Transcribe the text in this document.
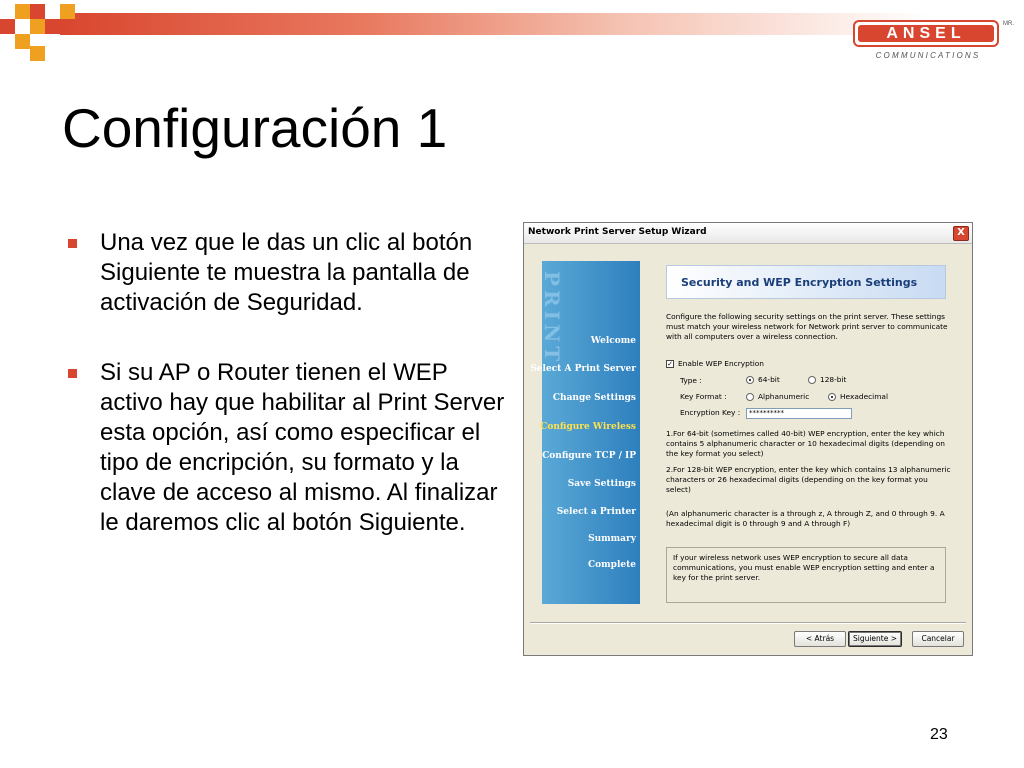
ANSEL
MR.
COMMUNICATIONS
Configuración 1
Una vez que le das un clic al botón Siguiente te muestra la pantalla de activación de Seguridad.
Si su AP o Router tienen el WEP activo hay que habilitar al Print Server esta opción, así como especificar el tipo de encripción, su formato y la clave de acceso al mismo. Al finalizar le daremos clic al botón Siguiente.
Network Print Server Setup Wizard	X
PRINT	Welcome
Select A Print Server
Change Settings
Configure Wireless
Configure TCP / IP
Save Settings
Select a Printer
Summary
Complete
Security and WEP Encryption Settings
Configure the following security settings on the print server. These settings must match your wireless network for Network print server to communicate with all computers over a wireless connection.
✓ Enable WEP Encryption
Type :	64-bit	128-bit
Key Format :	Alphanumeric	Hexadecimal
Encryption Key :	**********
1.For 64-bit (sometimes called 40-bit) WEP encryption, enter the key which contains 5 alphanumeric character or 10 hexadecimal digits (depending on the key format you select)
2.For 128-bit WEP encryption, enter the key which contains 13 alphanumeric characters or 26 hexadecimal digits (depending on the key format you select)
(An alphanumeric character is a through z, A through Z, and 0 through 9. A hexadecimal digit is 0 through 9 and A through F)
If your wireless network uses WEP encryption to secure all data communications, you must enable WEP encryption setting and enter a key for the print server.
< Atrás	Siguiente >	Cancelar
23
